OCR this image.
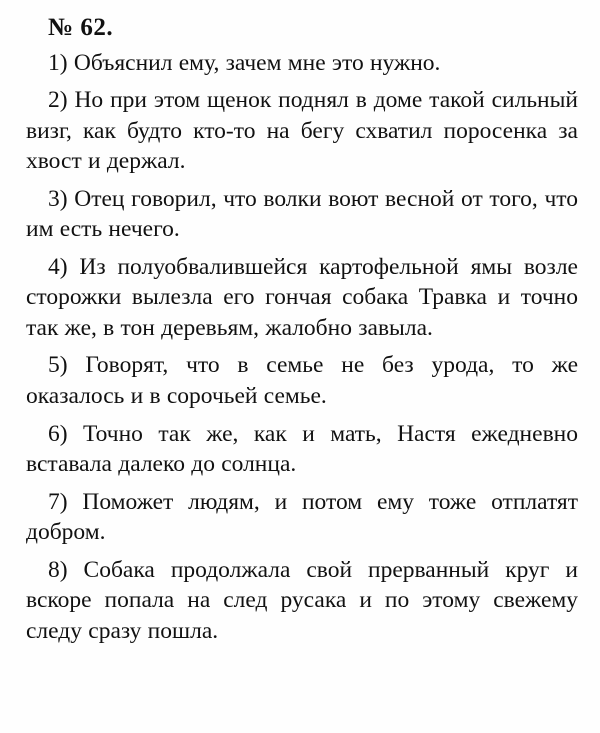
№ 62.

1) Объяснил ему, зачем мне это нужно.

2) Но при этом щенок поднял в доме такой сильный визг, как будто кто-то на бегу схватил поросенка за хвост и держал.

3) Отец говорил, что волки воют весной от того, что им есть нечего.

4) Из полуобвалившейся картофельной ямы возле сторожки вылезла его гончая собака Травка и точно так же, в тон деревьям, жалобно завыла.

5) Говорят, что в семье не без урода, то же оказалось и в сорочьей семье.

6) Точно так же, как и мать, Настя ежедневно вставала далеко до солнца.

7) Поможет людям, и потом ему тоже отплатят добром.

8) Собака продолжала свой прерванный круг и вскоре попала на след русака и по этому свежему следу сразу пошла.
